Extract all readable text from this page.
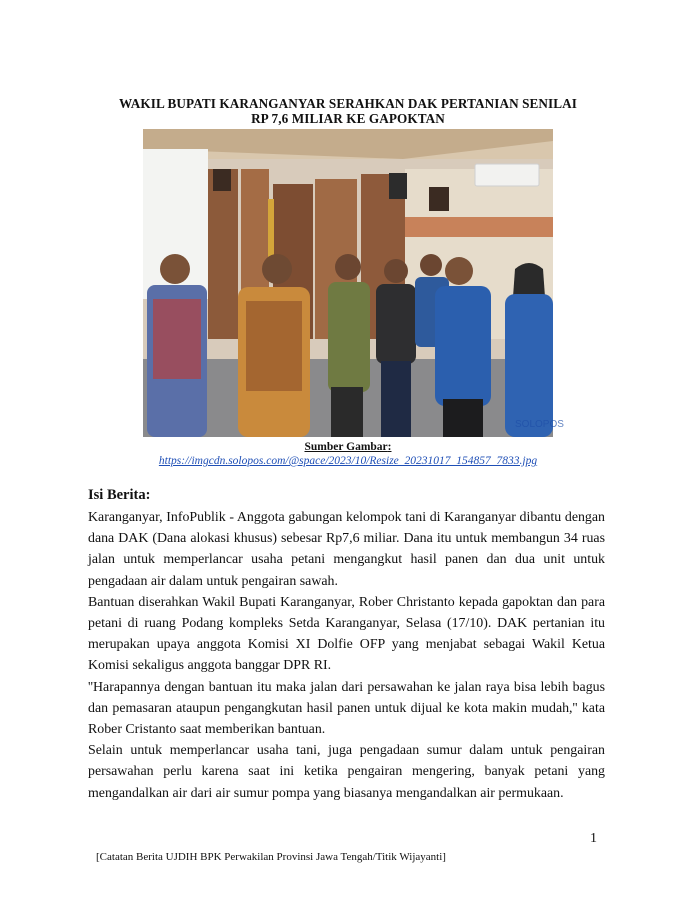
WAKIL BUPATI KARANGANYAR SERAHKAN DAK PERTANIAN SENILAI
RP 7,6 MILIAR KE GAPOKTAN
SOLOPOS
Sumber Gambar:
https://imgcdn.solopos.com/@space/2023/10/Resize_20231017_154857_7833.jpg
Isi Berita:

Karanganyar, InfoPublik - Anggota gabungan kelompok tani di Karanganyar dibantu dengan dana DAK (Dana alokasi khusus) sebesar Rp7,6 miliar. Dana itu untuk membangun 34 ruas jalan untuk memperlancar usaha petani mengangkut hasil panen dan dua unit untuk pengadaan air dalam untuk pengairan sawah.

Bantuan diserahkan Wakil Bupati Karanganyar, Rober Christanto kepada gapoktan dan para petani di ruang Podang kompleks Setda Karanganyar, Selasa (17/10). DAK pertanian itu merupakan upaya anggota Komisi XI Dolfie OFP yang menjabat sebagai Wakil Ketua Komisi sekaligus anggota banggar DPR RI.

''Harapannya dengan bantuan itu maka jalan dari persawahan ke jalan raya bisa lebih bagus dan pemasaran ataupun pengangkutan hasil panen untuk dijual ke kota makin mudah,'' kata Rober Cristanto saat memberikan bantuan.

Selain untuk memperlancar usaha tani, juga pengadaan sumur dalam untuk pengairan persawahan perlu karena saat ini ketika pengairan mengering, banyak petani yang mengandalkan air dari air sumur pompa yang biasanya mengandalkan air permukaan.

1
[Catatan Berita UJDIH BPK Perwakilan Provinsi Jawa Tengah/Titik Wijayanti]
